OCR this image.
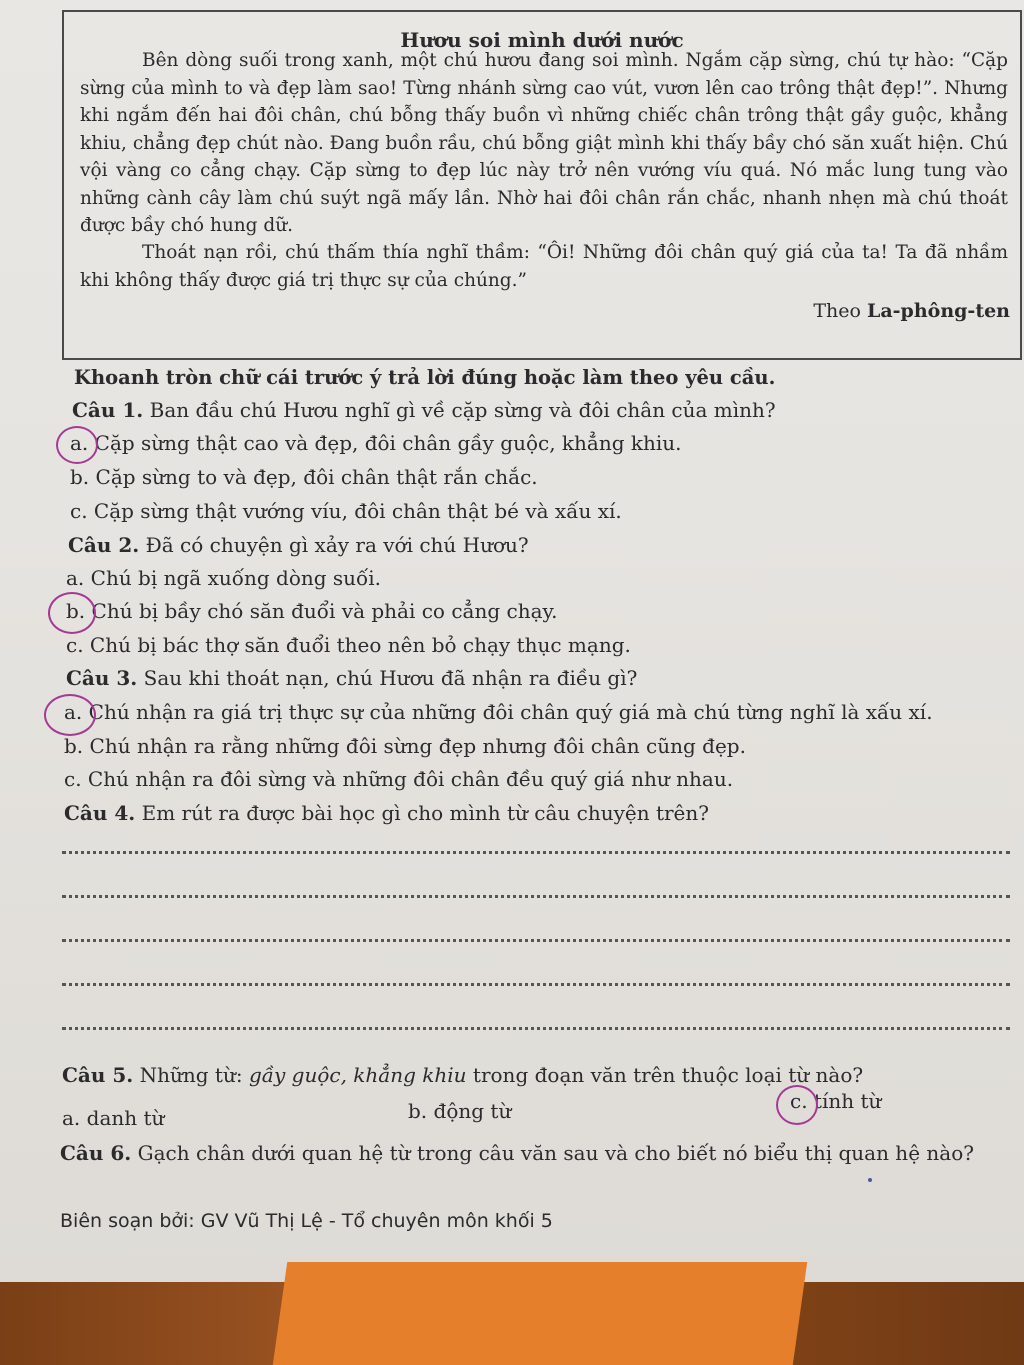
Hươu soi mình dưới nước
Bên dòng suối trong xanh, một chú hươu đang soi mình. Ngắm cặp sừng, chú tự hào: “Cặp sừng của mình to và đẹp làm sao! Từng nhánh sừng cao vút, vươn lên cao trông thật đẹp!”. Nhưng khi ngắm đến hai đôi chân, chú bỗng thấy buồn vì những chiếc chân trông thật gầy guộc, khẳng khiu, chẳng đẹp chút nào. Đang buồn rầu, chú bỗng giật mình khi thấy bầy chó săn xuất hiện. Chú vội vàng co cẳng chạy. Cặp sừng to đẹp lúc này trở nên vướng víu quá. Nó mắc lung tung vào những cành cây làm chú suýt ngã mấy lần. Nhờ hai đôi chân rắn chắc, nhanh nhẹn mà chú thoát được bầy chó hung dữ.
Thoát nạn rồi, chú thấm thía nghĩ thầm: “Ôi! Những đôi chân quý giá của ta! Ta đã nhầm khi không thấy được giá trị thực sự của chúng.”
Theo La-phông-ten
Khoanh tròn chữ cái trước ý trả lời đúng hoặc làm theo yêu cầu.
Câu 1. Ban đầu chú Hươu nghĩ gì về cặp sừng và đôi chân của mình?
a. Cặp sừng thật cao và đẹp, đôi chân gầy guộc, khẳng khiu.
b. Cặp sừng to và đẹp, đôi chân thật rắn chắc.
c. Cặp sừng thật vướng víu, đôi chân thật bé và xấu xí.
Câu 2. Đã có chuyện gì xảy ra với chú Hươu?
a. Chú bị ngã xuống dòng suối.
b. Chú bị bầy chó săn đuổi và phải co cẳng chạy.
c. Chú bị bác thợ săn đuổi theo nên bỏ chạy thục mạng.
Câu 3. Sau khi thoát nạn, chú Hươu đã nhận ra điều gì?
a. Chú nhận ra giá trị thực sự của những đôi chân quý giá mà chú từng nghĩ là xấu xí.
b. Chú nhận ra rằng những đôi sừng đẹp nhưng đôi chân cũng đẹp.
c. Chú nhận ra đôi sừng và những đôi chân đều quý giá như nhau.
Câu 4. Em rút ra được bài học gì cho mình từ câu chuyện trên?
Câu 5. Những từ: gầy guộc, khẳng khiu trong đoạn văn trên thuộc loại từ nào?
a. danh từ	b. động từ	c. tính từ
Câu 6. Gạch chân dưới quan hệ từ trong câu văn sau và cho biết nó biểu thị quan hệ nào?
Biên soạn bởi: GV Vũ Thị Lệ - Tổ chuyên môn khối 5
